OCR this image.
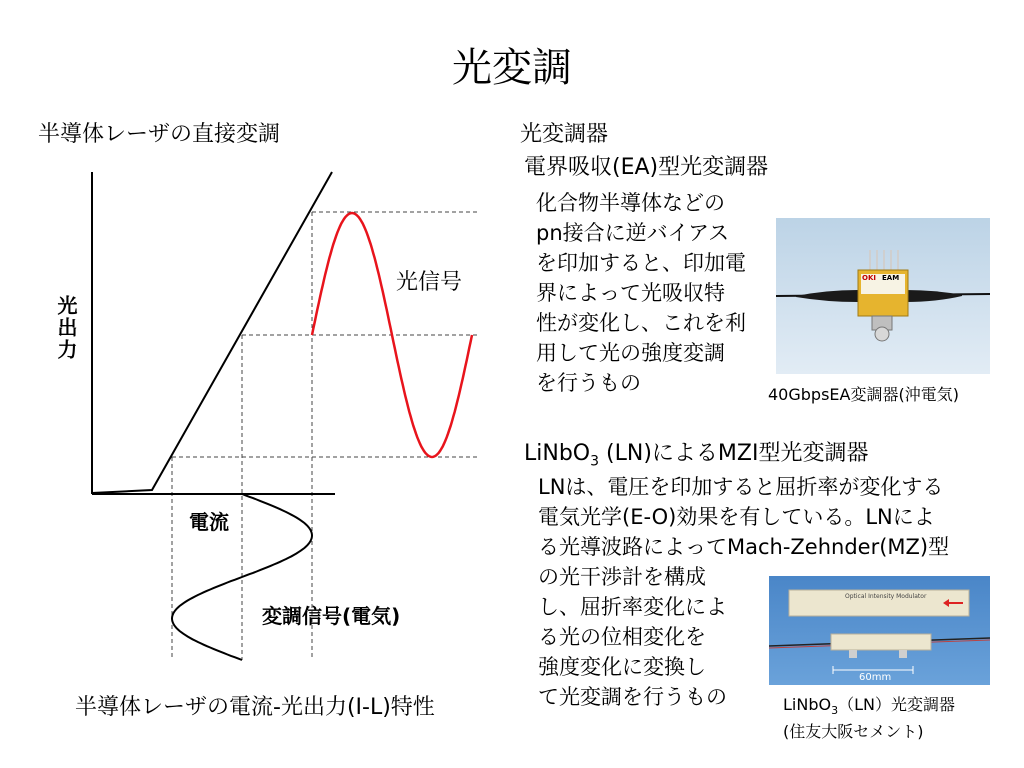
光変調
半導体レーザの直接変調
光出力
光信号
電流
変調信号(電気)
半導体レーザの電流-光出力(I-L)特性
光変調器
電界吸収(EA)型光変調器
化合物半導体などの
pn接合に逆バイアス
を印加すると、印加電
界によって光吸収特
性が変化し、これを利
用して光の強度変調
を行うもの
OKI EAM
40GbpsEA変調器(沖電気)
LiNbO$_3$ (LN)によるMZI型光変調器
LNは、電圧を印加すると屈折率が変化する
電気光学(E-O)効果を有している。LNによ
る光導波路によってMach-Zehnder(MZ)型
の光干渉計を構成
し、屈折率変化によ
る光の位相変化を
強度変化に変換し
て光変調を行うもの
Optical Intensity Modulator
60mm
LiNbO$_3$（LN）光変調器
(住友大阪セメント)
